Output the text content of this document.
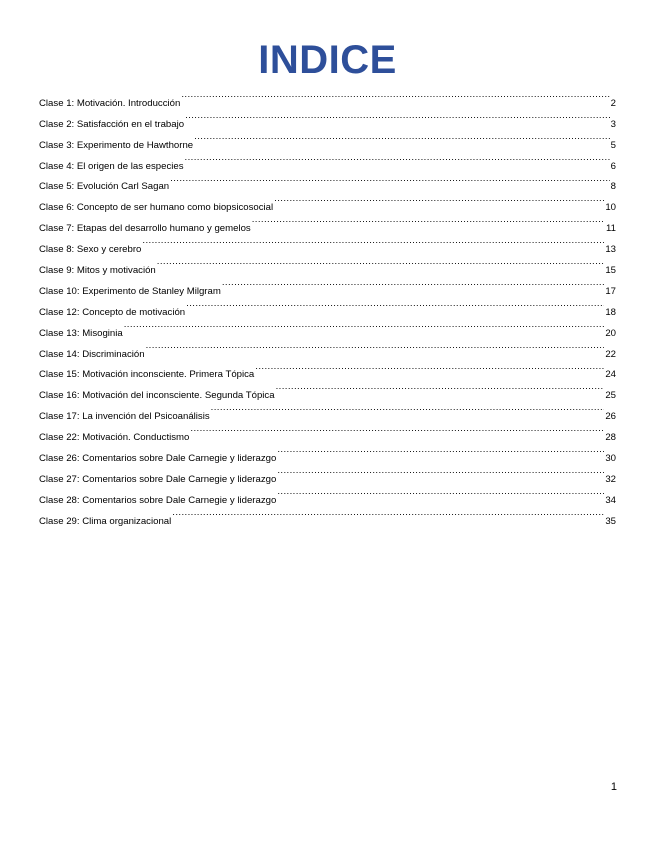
INDICE
Clase 1: Motivación. Introducción .....	2
Clase 2: Satisfacción en el trabajo .....	3
Clase 3: Experimento de Hawthorne .....	5
Clase 4: El origen de las especies .....	6
Clase 5: Evolución Carl Sagan .....	8
Clase 6: Concepto de ser humano como biopsicosocial .....	10
Clase 7: Etapas del desarrollo humano y gemelos .....	11
Clase 8: Sexo y cerebro .....	13
Clase 9: Mitos y motivación .....	15
Clase 10: Experimento de Stanley Milgram .....	17
Clase 12: Concepto de motivación .....	18
Clase 13: Misoginia .....	20
Clase 14: Discriminación .....	22
Clase 15: Motivación inconsciente. Primera Tópica .....	24
Clase 16: Motivación del inconsciente. Segunda Tópica .....	25
Clase 17: La invención del Psicoanálisis .....	26
Clase 22: Motivación. Conductismo .....	28
Clase 26: Comentarios sobre Dale Carnegie y liderazgo .....	30
Clase 27: Comentarios sobre Dale Carnegie y liderazgo .....	32
Clase 28: Comentarios sobre Dale Carnegie y liderazgo .....	34
Clase 29: Clima organizacional .....	35
1
